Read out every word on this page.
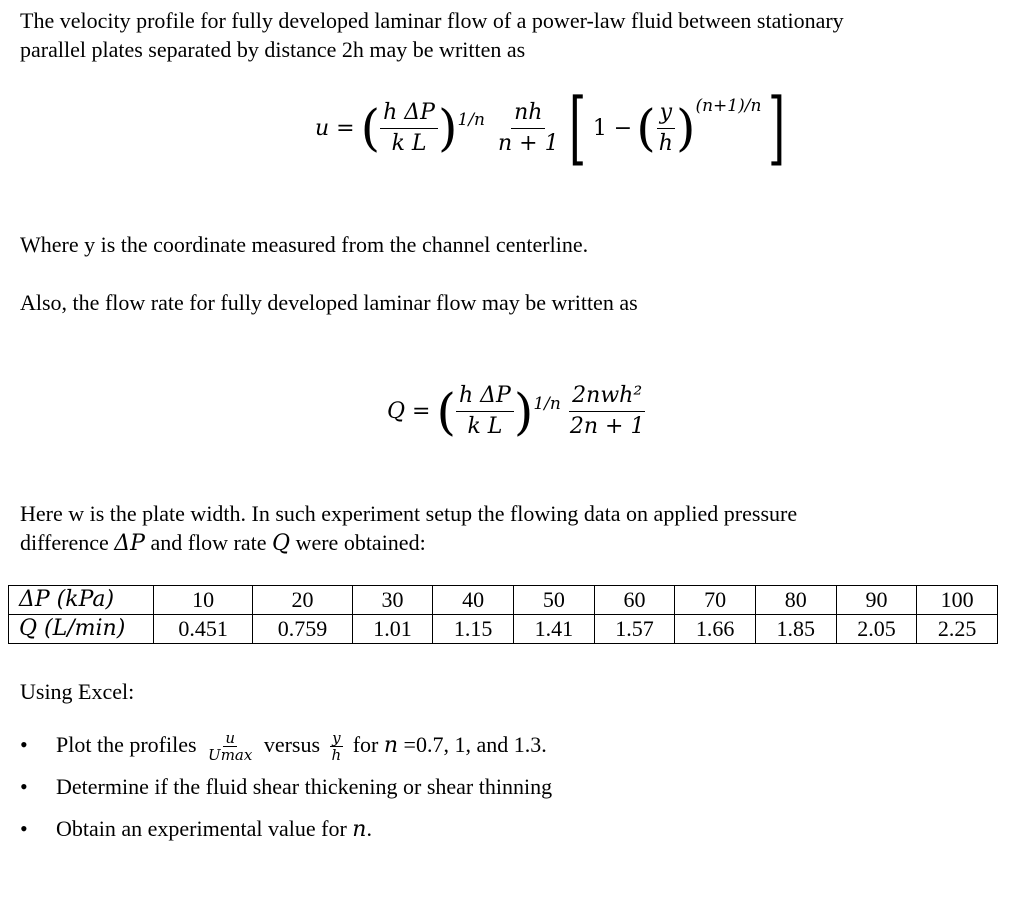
The velocity profile for fully developed laminar flow of a power-law fluid between stationary

parallel plates separated by distance 2h may be written as

u = ( $\frac{\text{h ΔP}}{\text{k L}} )^{1/n} \frac{nh}{n + 1}$ [ 1 − ( $\frac{y}{h} )^{(n+1)/n}$ ]

Where y is the coordinate measured from the channel centerline.

Also, the flow rate for fully developed laminar flow may be written as

Q = ( $\frac{\text{h ΔP}}{\text{k L}} )^{1/n} \frac{\text{2nwh²}}{2n + 1}$

Here w is the plate width. In such experiment setup the flowing data on applied pressure

difference ΔP and flow rate Q were obtained:

ΔP (kPa)	10	20	30	40	50	60	70	80	90	100
Q (L/min)	0.451	0.759	1.01	1.15	1.41	1.57	1.66	1.85	2.05	2.25

Using Excel:

• Plot the profiles $\frac{u}{Umax}$ versus $\frac{y}{h}$ for n =0.7, 1, and 1.3.
• Determine if the fluid shear thickening or shear thinning
• Obtain an experimental value for n.
